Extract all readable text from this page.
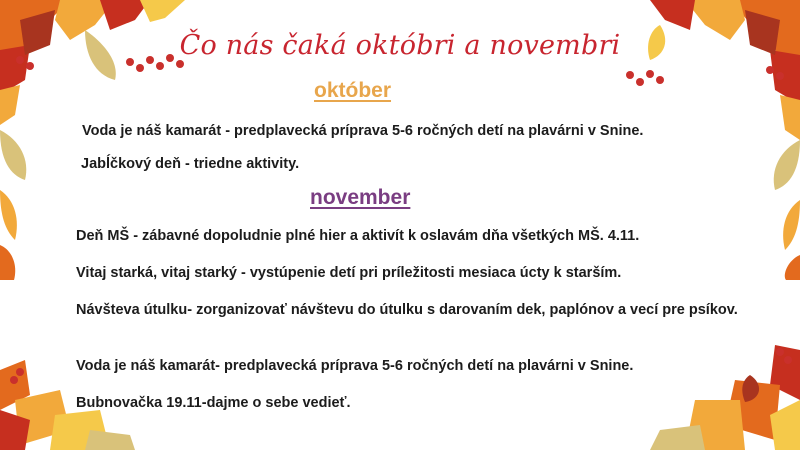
Čo nás čaká októbri a novembri
október
Voda je náš kamarát - predplavecká príprava 5-6 ročných detí na plavárni v Snine.
Jabĺčkový deň - triedne aktivity.
november
Deň MŠ - zábavné dopoludnie plné hier a aktivít k oslavám dňa všetkých MŠ. 4.11.
Vitaj starká, vitaj starký - vystúpenie detí pri príležitosti mesiaca úcty k starším.
Návšteva útulku- zorganizovať návštevu do útulku s darovaním dek, paplónov a vecí pre psíkov.
Voda je náš kamarát- predplavecká príprava 5-6 ročných detí na plavárni v Snine.
Bubnovačka 19.11-dajme o sebe vedieť.
